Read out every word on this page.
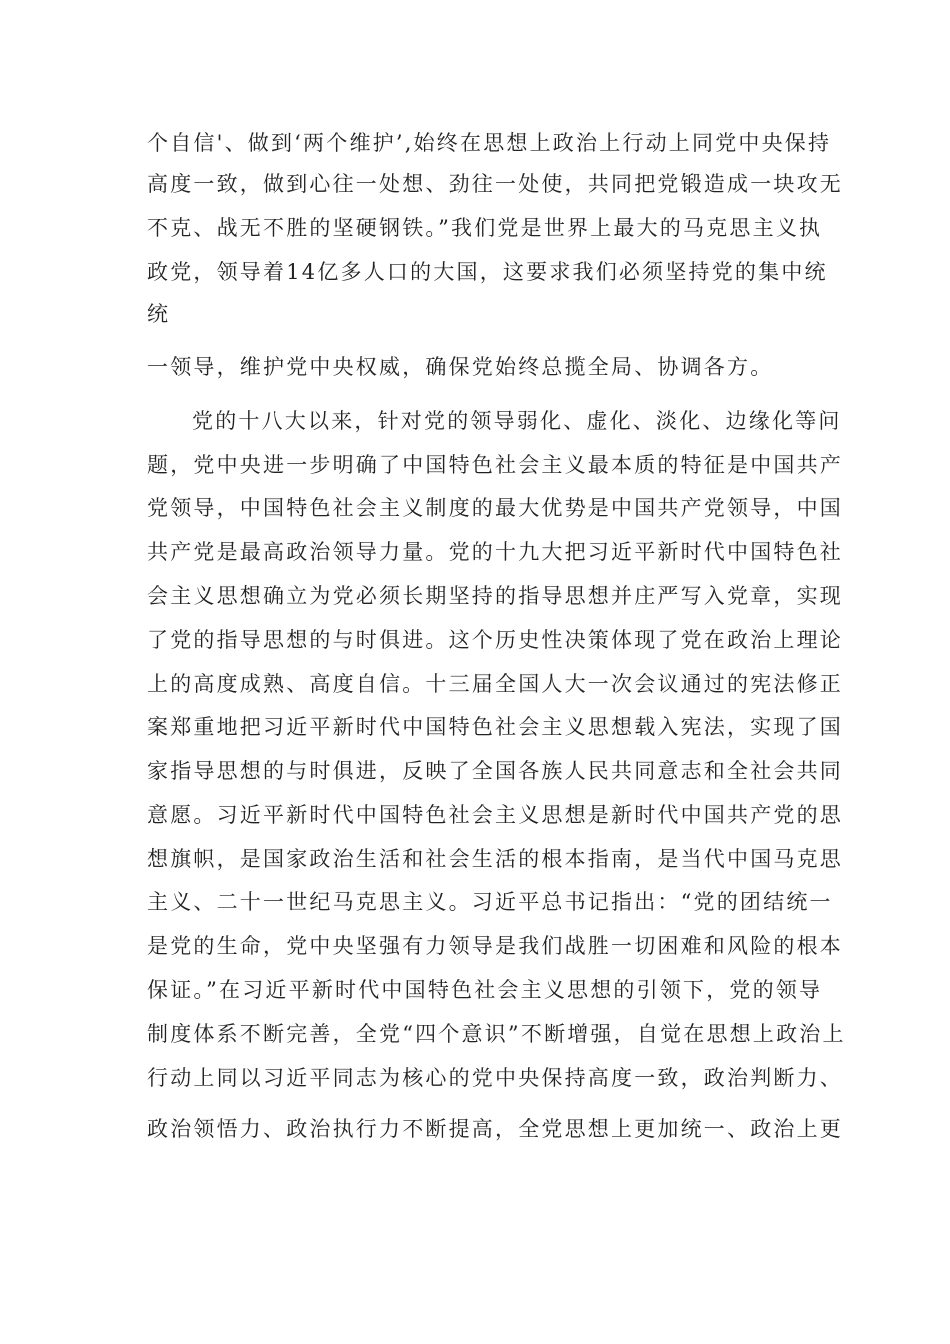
个自信'、做到‘两个维护’,始终在思想上政治上行动上同党中央保持
高度一致，做到心往一处想、劲往一处使，共同把党锻造成一块攻无
不克、战无不胜的坚硬钢铁。”我们党是世界上最大的马克思主义执
政党，领导着14亿多人口的大国，这要求我们必须坚持党的集中统
统
一领导，维护党中央权威，确保党始终总揽全局、协调各方。
党的十八大以来，针对党的领导弱化、虚化、淡化、边缘化等问
题，党中央进一步明确了中国特色社会主义最本质的特征是中国共产
党领导，中国特色社会主义制度的最大优势是中国共产党领导，中国
共产党是最高政治领导力量。党的十九大把习近平新时代中国特色社
会主义思想确立为党必须长期坚持的指导思想并庄严写入党章，实现
了党的指导思想的与时俱进。这个历史性决策体现了党在政治上理论
上的高度成熟、高度自信。十三届全国人大一次会议通过的宪法修正
案郑重地把习近平新时代中国特色社会主义思想载入宪法，实现了国
家指导思想的与时俱进，反映了全国各族人民共同意志和全社会共同
意愿。习近平新时代中国特色社会主义思想是新时代中国共产党的思
想旗帜，是国家政治生活和社会生活的根本指南，是当代中国马克思
主义、二十一世纪马克思主义。习近平总书记指出：“党的团结统一
是党的生命，党中央坚强有力领导是我们战胜一切困难和风险的根本
保证。”在习近平新时代中国特色社会主义思想的引领下，党的领导
制度体系不断完善，全党“四个意识”不断增强，自觉在思想上政治上
行动上同以习近平同志为核心的党中央保持高度一致，政治判断力、
政治领悟力、政治执行力不断提高，全党思想上更加统一、政治上更
